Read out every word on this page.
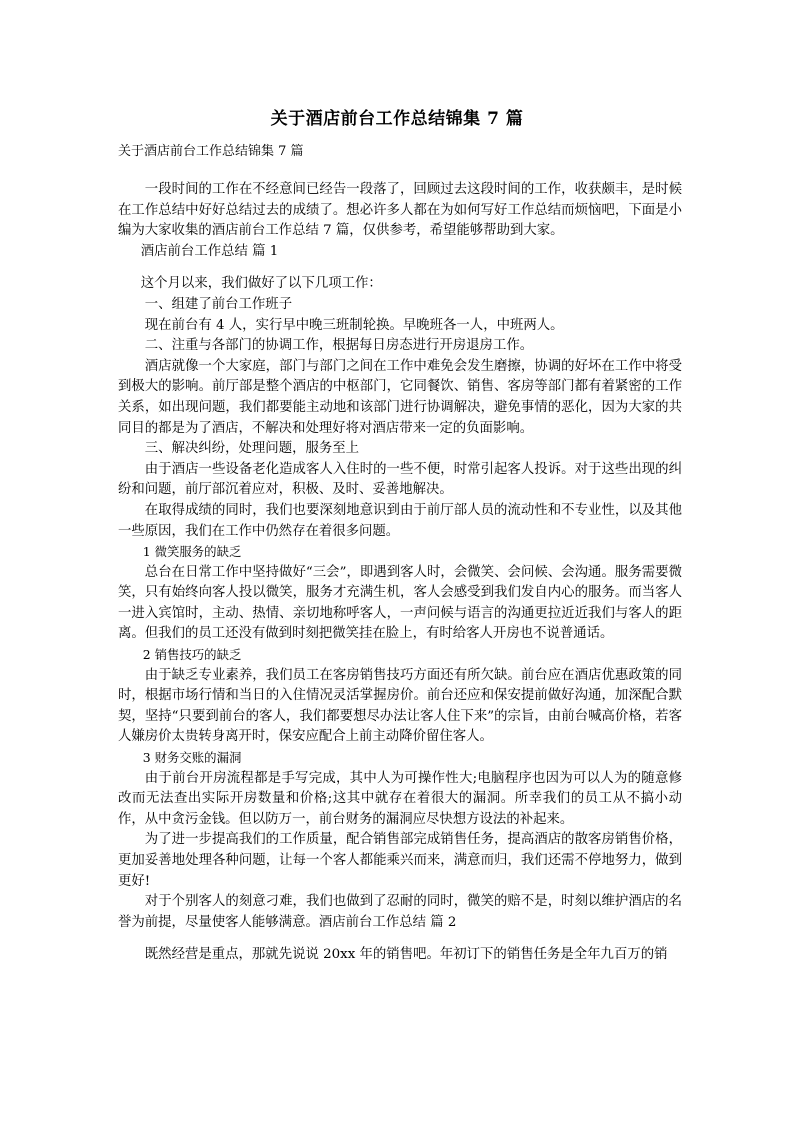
关于酒店前台工作总结锦集 7 篇
关于酒店前台工作总结锦集 7 篇

一段时间的工作在不经意间已经告一段落了，回顾过去这段时间的工作，收获颇丰，是时候在工作总结中好好总结过去的成绩了。想必许多人都在为如何写好工作总结而烦恼吧，下面是小编为大家收集的酒店前台工作总结 7 篇，仅供参考，希望能够帮助到大家。

酒店前台工作总结 篇 1

这个月以来，我们做好了以下几项工作：

一、组建了前台工作班子

现在前台有 4 人，实行早中晚三班制轮换。早晚班各一人，中班两人。

二、注重与各部门的协调工作，根据每日房态进行开房退房工作。

酒店就像一个大家庭，部门与部门之间在工作中难免会发生磨擦，协调的好坏在工作中将受到极大的影响。前厅部是整个酒店的中枢部门，它同餐饮、销售、客房等部门都有着紧密的工作关系，如出现问题，我们都要能主动地和该部门进行协调解决，避免事情的恶化，因为大家的共同目的都是为了酒店，不解决和处理好将对酒店带来一定的负面影响。

三、解决纠纷，处理问题，服务至上

由于酒店一些设备老化造成客人入住时的一些不便，时常引起客人投诉。对于这些出现的纠纷和问题，前厅部沉着应对，积极、及时、妥善地解决。

在取得成绩的同时，我们也要深刻地意识到由于前厅部人员的流动性和不专业性，以及其他一些原因，我们在工作中仍然存在着很多问题。

1 微笑服务的缺乏

总台在日常工作中坚持做好“三会”，即遇到客人时，会微笑、会问候、会沟通。服务需要微笑，只有始终向客人投以微笑，服务才充满生机，客人会感受到我们发自内心的服务。而当客人一进入宾馆时，主动、热情、亲切地称呼客人，一声问候与语言的沟通更拉近近我们与客人的距离。但我们的员工还没有做到时刻把微笑挂在脸上，有时给客人开房也不说普通话。

2 销售技巧的缺乏

由于缺乏专业素养，我们员工在客房销售技巧方面还有所欠缺。前台应在酒店优惠政策的同时，根据市场行情和当日的入住情况灵活掌握房价。前台还应和保安提前做好沟通，加深配合默契，坚持“只要到前台的客人，我们都要想尽办法让客人住下来”的宗旨，由前台喊高价格，若客人嫌房价太贵转身离开时，保安应配合上前主动降价留住客人。

3 财务交账的漏洞

由于前台开房流程都是手写完成，其中人为可操作性大;电脑程序也因为可以人为的随意修改而无法查出实际开房数量和价格;这其中就存在着很大的漏洞。所幸我们的员工从不搞小动作，从中贪污金钱。但以防万一，前台财务的漏洞应尽快想方设法的补起来。

为了进一步提高我们的工作质量，配合销售部完成销售任务，提高酒店的散客房销售价格，更加妥善地处理各种问题，让每一个客人都能乘兴而来，满意而归，我们还需不停地努力，做到更好!

对于个别客人的刻意刁难，我们也做到了忍耐的同时，微笑的赔不是，时刻以维护酒店的名誉为前提，尽量使客人能够满意。酒店前台工作总结 篇 2

既然经营是重点，那就先说说 20xx 年的销售吧。年初订下的销售任务是全年九百万的销
